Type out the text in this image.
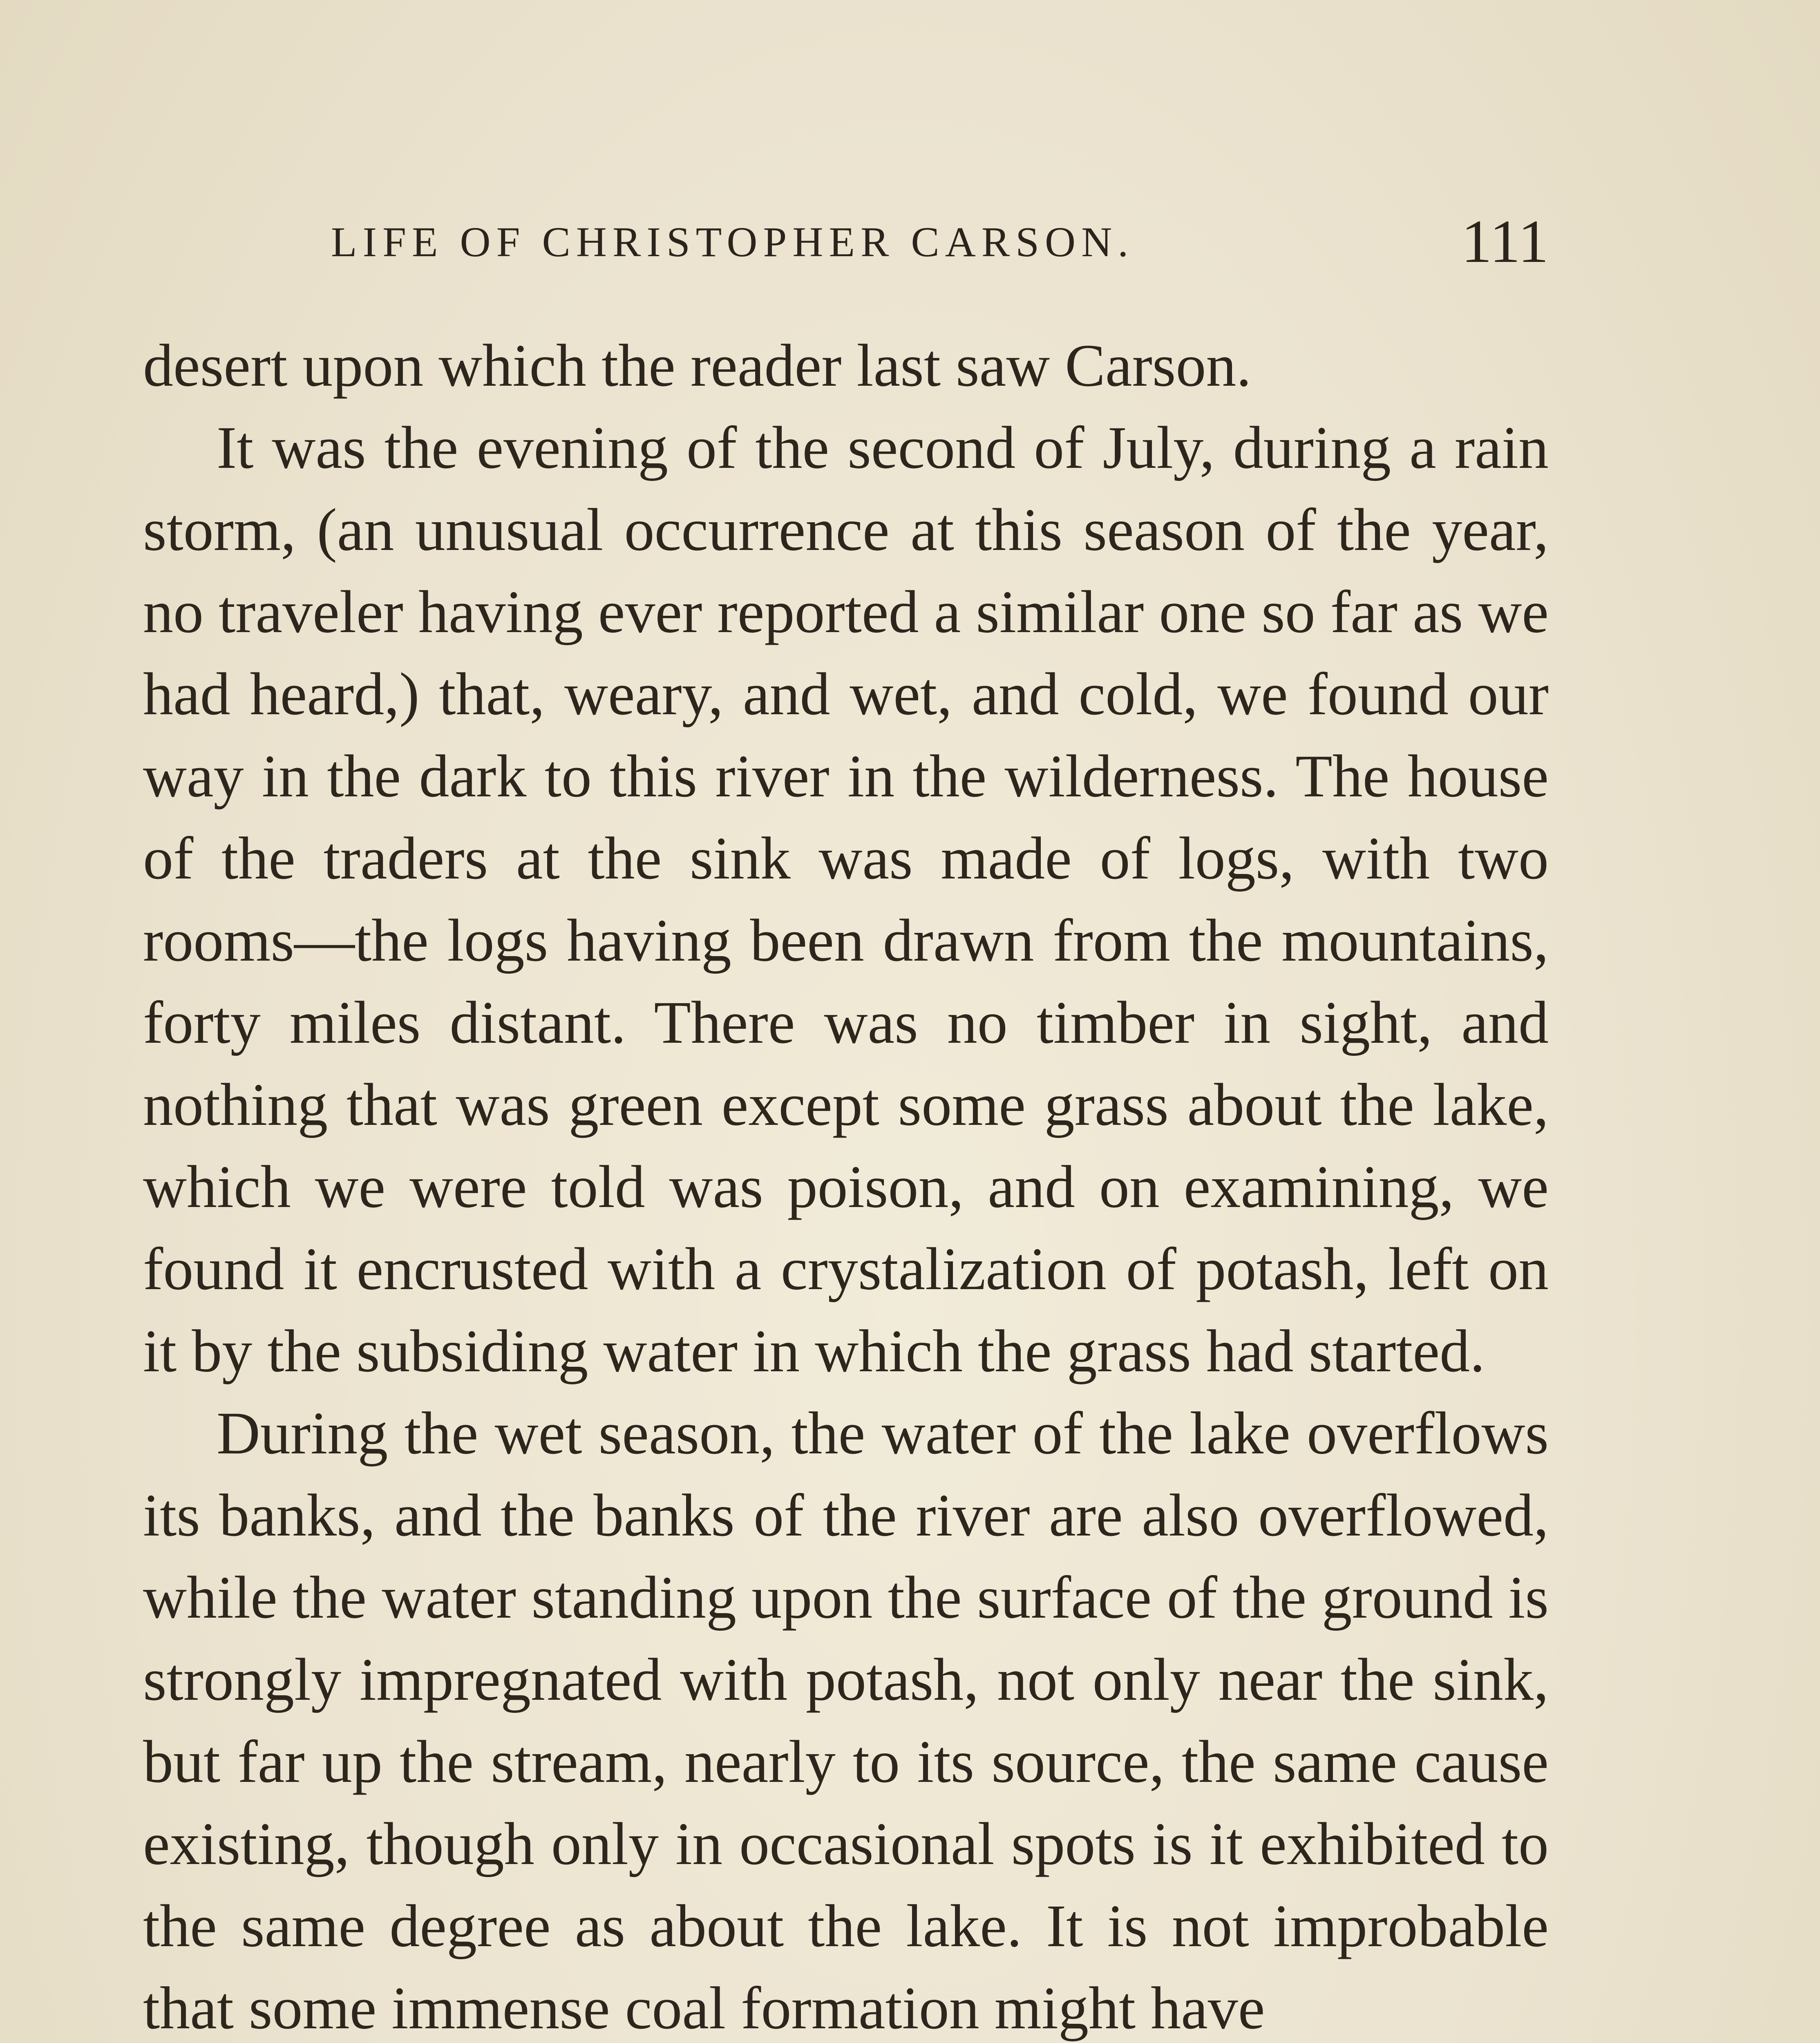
LIFE OF CHRISTOPHER CARSON.	111

desert upon which the reader last saw Carson.

It was the evening of the second of July, during a rain storm, (an unusual occurrence at this season of the year, no traveler having ever reported a similar one so far as we had heard,) that, weary, and wet, and cold, we found our way in the dark to this river in the wilderness. The house of the traders at the sink was made of logs, with two rooms—the logs having been drawn from the mountains, forty miles distant. There was no timber in sight, and nothing that was green except some grass about the lake, which we were told was poison, and on examining, we found it encrusted with a crystalization of potash, left on it by the subsiding water in which the grass had started.

During the wet season, the water of the lake overflows its banks, and the banks of the river are also overflowed, while the water standing upon the surface of the ground is strongly impregnated with potash, not only near the sink, but far up the stream, nearly to its source, the same cause existing, though only in occasional spots is it exhibited to the same degree as about the lake. It is not improbable that some immense coal formation might have
